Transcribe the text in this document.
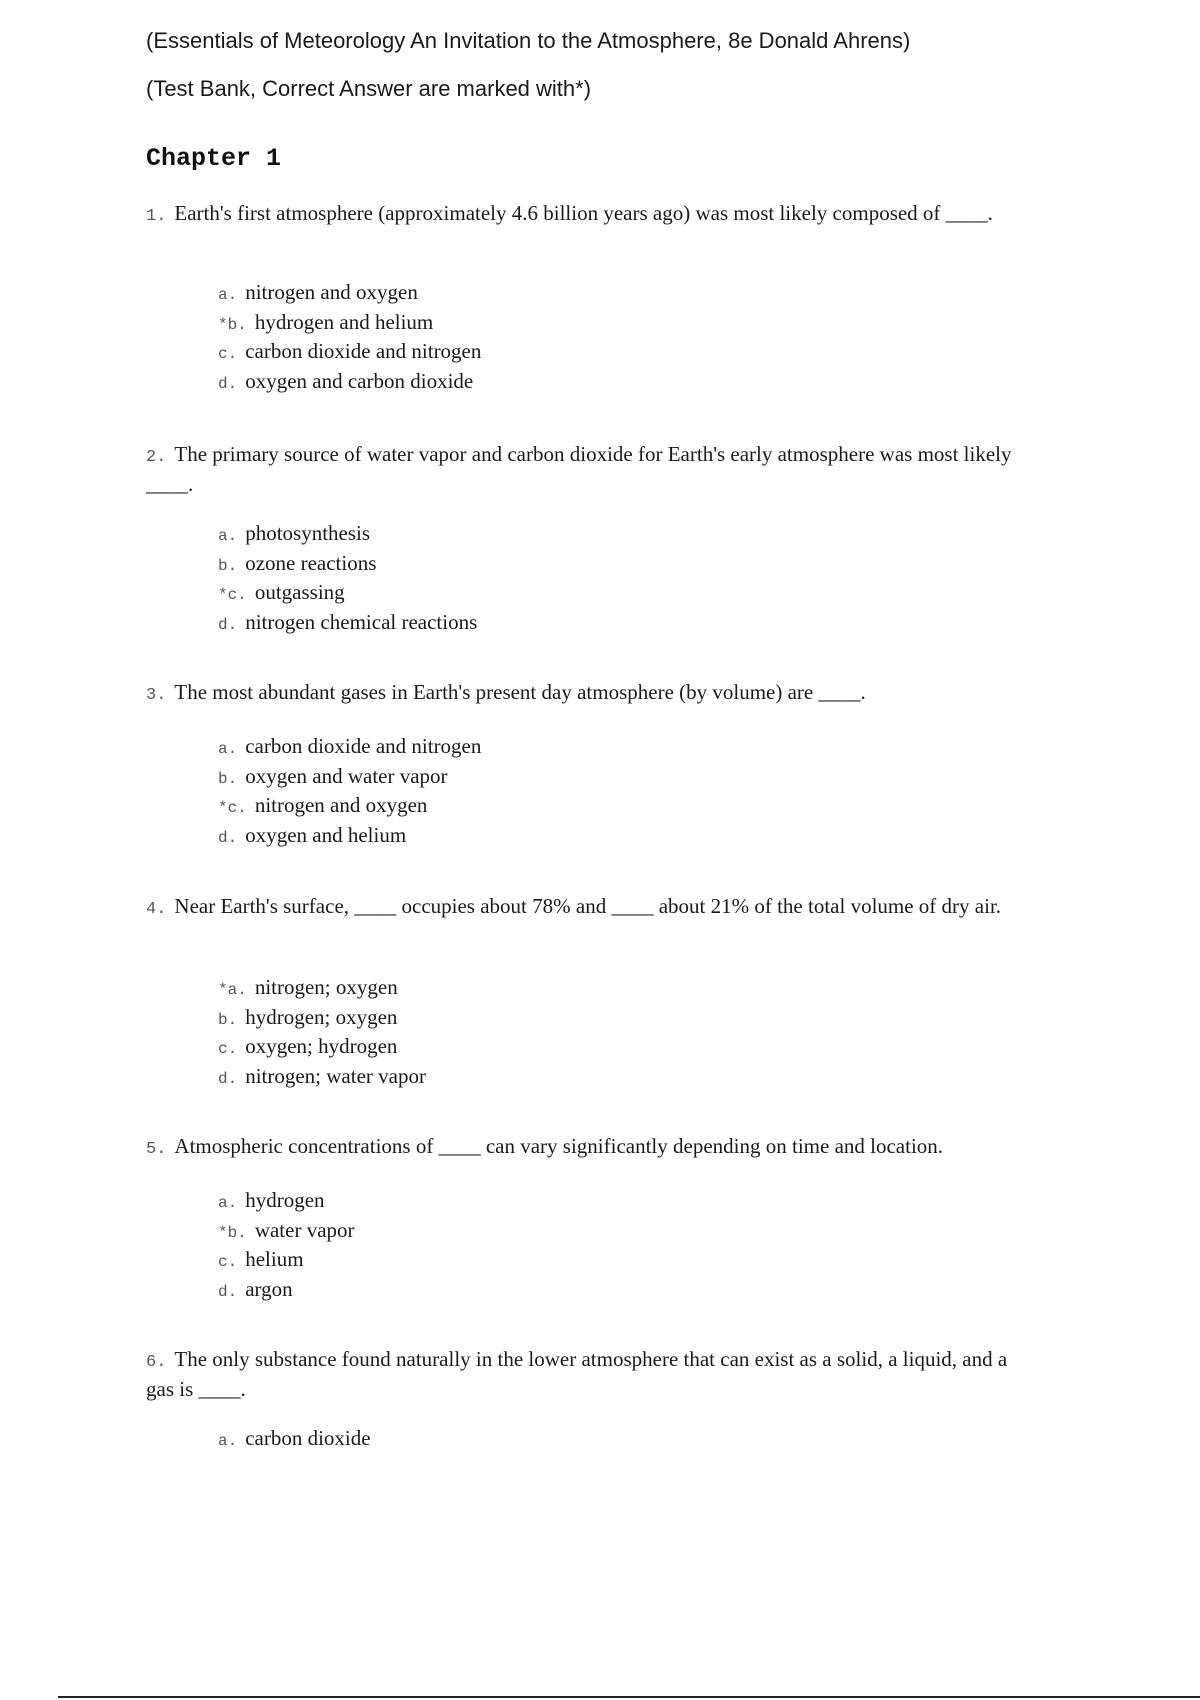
(Essentials of Meteorology An Invitation to the Atmosphere, 8e Donald Ahrens)
(Test Bank, Correct Answer are marked with*)
Chapter 1
1. Earth's first atmosphere (approximately 4.6 billion years ago) was most likely composed of ____.
a. nitrogen and oxygen
*b. hydrogen and helium
c. carbon dioxide and nitrogen
d. oxygen and carbon dioxide
2. The primary source of water vapor and carbon dioxide for Earth's early atmosphere was most likely ____.
a. photosynthesis
b. ozone reactions
*c. outgassing
d. nitrogen chemical reactions
3. The most abundant gases in Earth's present day atmosphere (by volume) are ____.
a. carbon dioxide and nitrogen
b. oxygen and water vapor
*c. nitrogen and oxygen
d. oxygen and helium
4. Near Earth's surface, ____ occupies about 78% and ____ about 21% of the total volume of dry air.
*a. nitrogen; oxygen
b. hydrogen; oxygen
c. oxygen; hydrogen
d. nitrogen; water vapor
5. Atmospheric concentrations of ____ can vary significantly depending on time and location.
a. hydrogen
*b. water vapor
c. helium
d. argon
6. The only substance found naturally in the lower atmosphere that can exist as a solid, a liquid, and a gas is ____.
a. carbon dioxide
